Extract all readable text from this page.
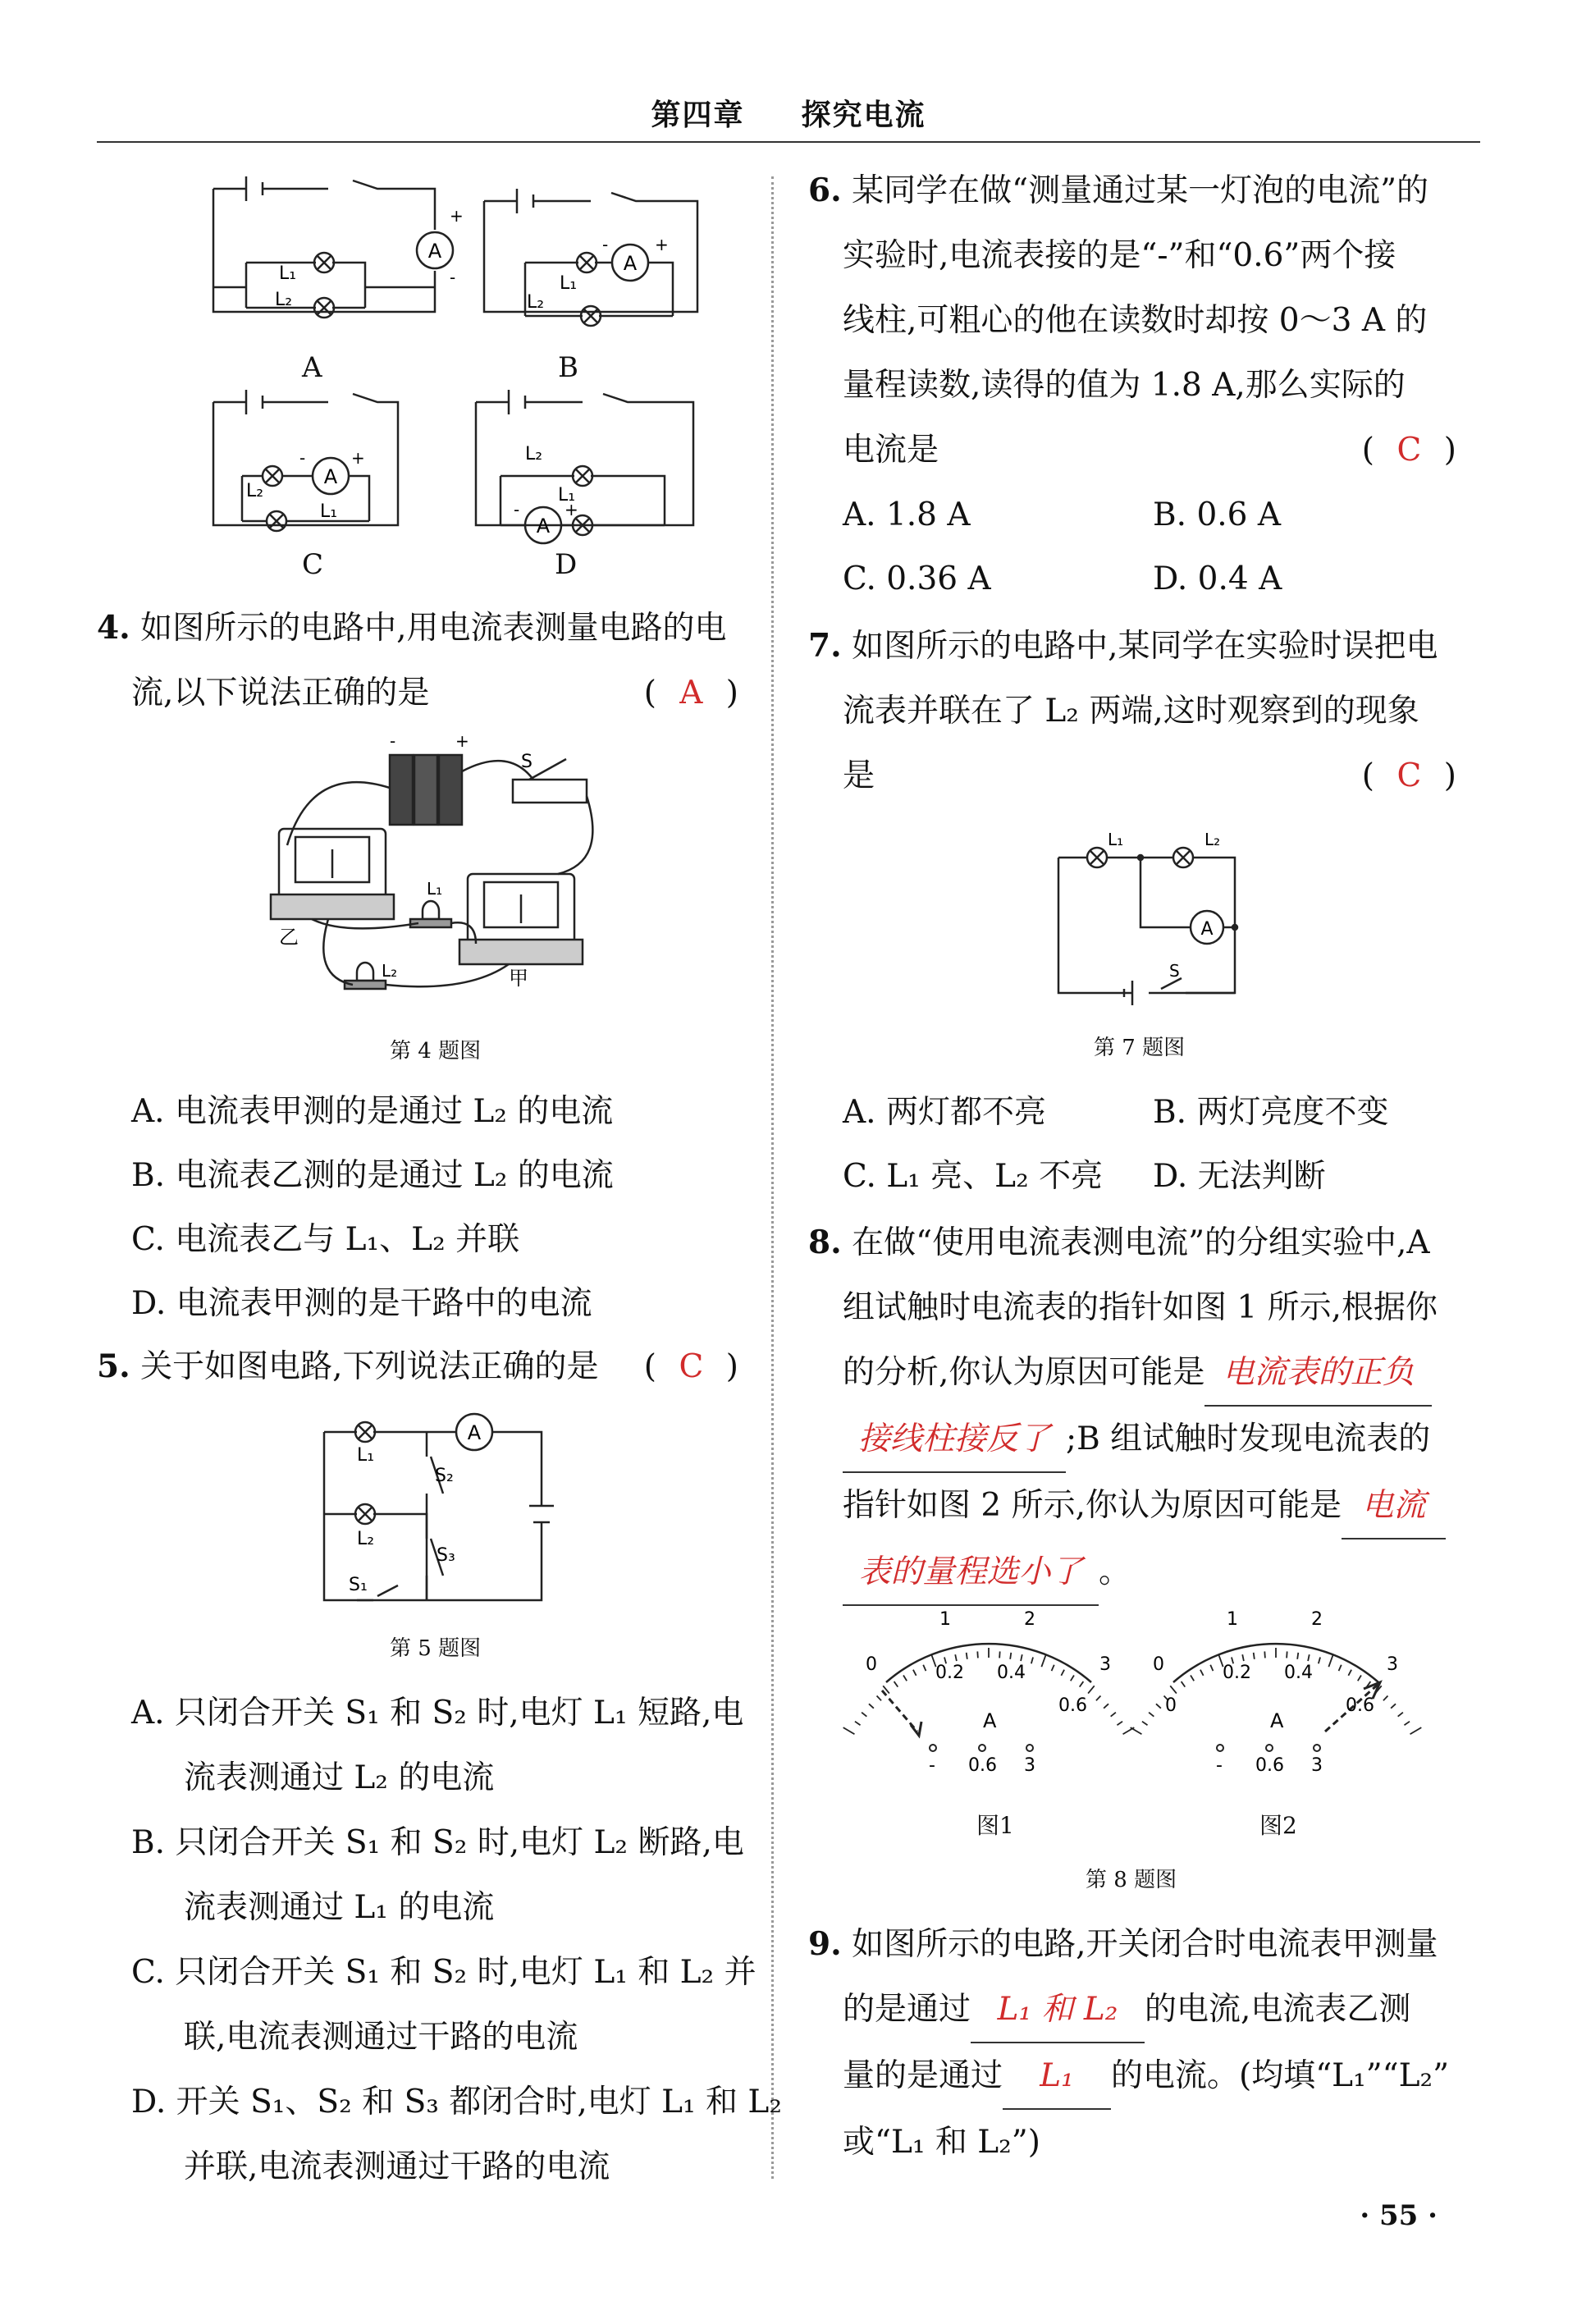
第四章 探究电流
A
+
-
L₁
L₂
A
A
+
-
L₁
L₂
B
A
+
-
L₂
L₁
C
A
+
-
L₂
L₁
D
4. 如图所示的电路中,用电流表测量电路的电
流,以下说法正确的是	( A )
-	+
S
L₁
L₂
乙
甲
第 4 题图
A. 电流表甲测的是通过 L₂ 的电流
B. 电流表乙测的是通过 L₂ 的电流
C. 电流表乙与 L₁、L₂ 并联
D. 电流表甲测的是干路中的电流
5. 关于如图电路,下列说法正确的是 ( C )
A
L₁
L₂
S₂
S₃
S₁
第 5 题图
A. 只闭合开关 S₁ 和 S₂ 时,电灯 L₁ 短路,电
流表测通过 L₂ 的电流
B. 只闭合开关 S₁ 和 S₂ 时,电灯 L₂ 断路,电
流表测通过 L₁ 的电流
C. 只闭合开关 S₁ 和 S₂ 时,电灯 L₁ 和 L₂ 并
联,电流表测通过干路的电流
D. 开关 S₁、S₂ 和 S₃ 都闭合时,电灯 L₁ 和 L₂
并联,电流表测通过干路的电流
6. 某同学在做“测量通过某一灯泡的电流”的
实验时,电流表接的是“-”和“0.6”两个接
线柱,可粗心的他在读数时却按 0～3 A 的
量程读数,读得的值为 1.8 A,那么实际的
电流是	( C )
A. 1.8 A	B. 0.6 A
C. 0.36 A	D. 0.4 A
7. 如图所示的电路中,某同学在实验时误把电
流表并联在了 L₂ 两端,这时观察到的现象
是	( C )
A
L₁	L₂
S
第 7 题图
A. 两灯都不亮	B. 两灯亮度不变
C. L₁ 亮、L₂ 不亮 D. 无法判断
8. 在做“使用电流表测电流”的分组实验中,A
组试触时电流表的指针如图 1 所示,根据你
的分析,你认为原因可能是 电流表的正负
接线柱接反了 ;B 组试触时发现电流表的
指针如图 2 所示,你认为原因可能是 电流
表的量程选小了 。
1	2
0	3
0.2 0.4
0.6
A
- 0.6 3
图1
1	2
0	3
0.2 0.4
0.6
0
A
- 0.6 3
图2
第 8 题图
9. 如图所示的电路,开关闭合时电流表甲测量
的是通过 L₁ 和 L₂ 的电流,电流表乙测
量的是通过 L₁ 的电流。(均填“L₁”“L₂”
或“L₁ 和 L₂”)
· 55 ·
